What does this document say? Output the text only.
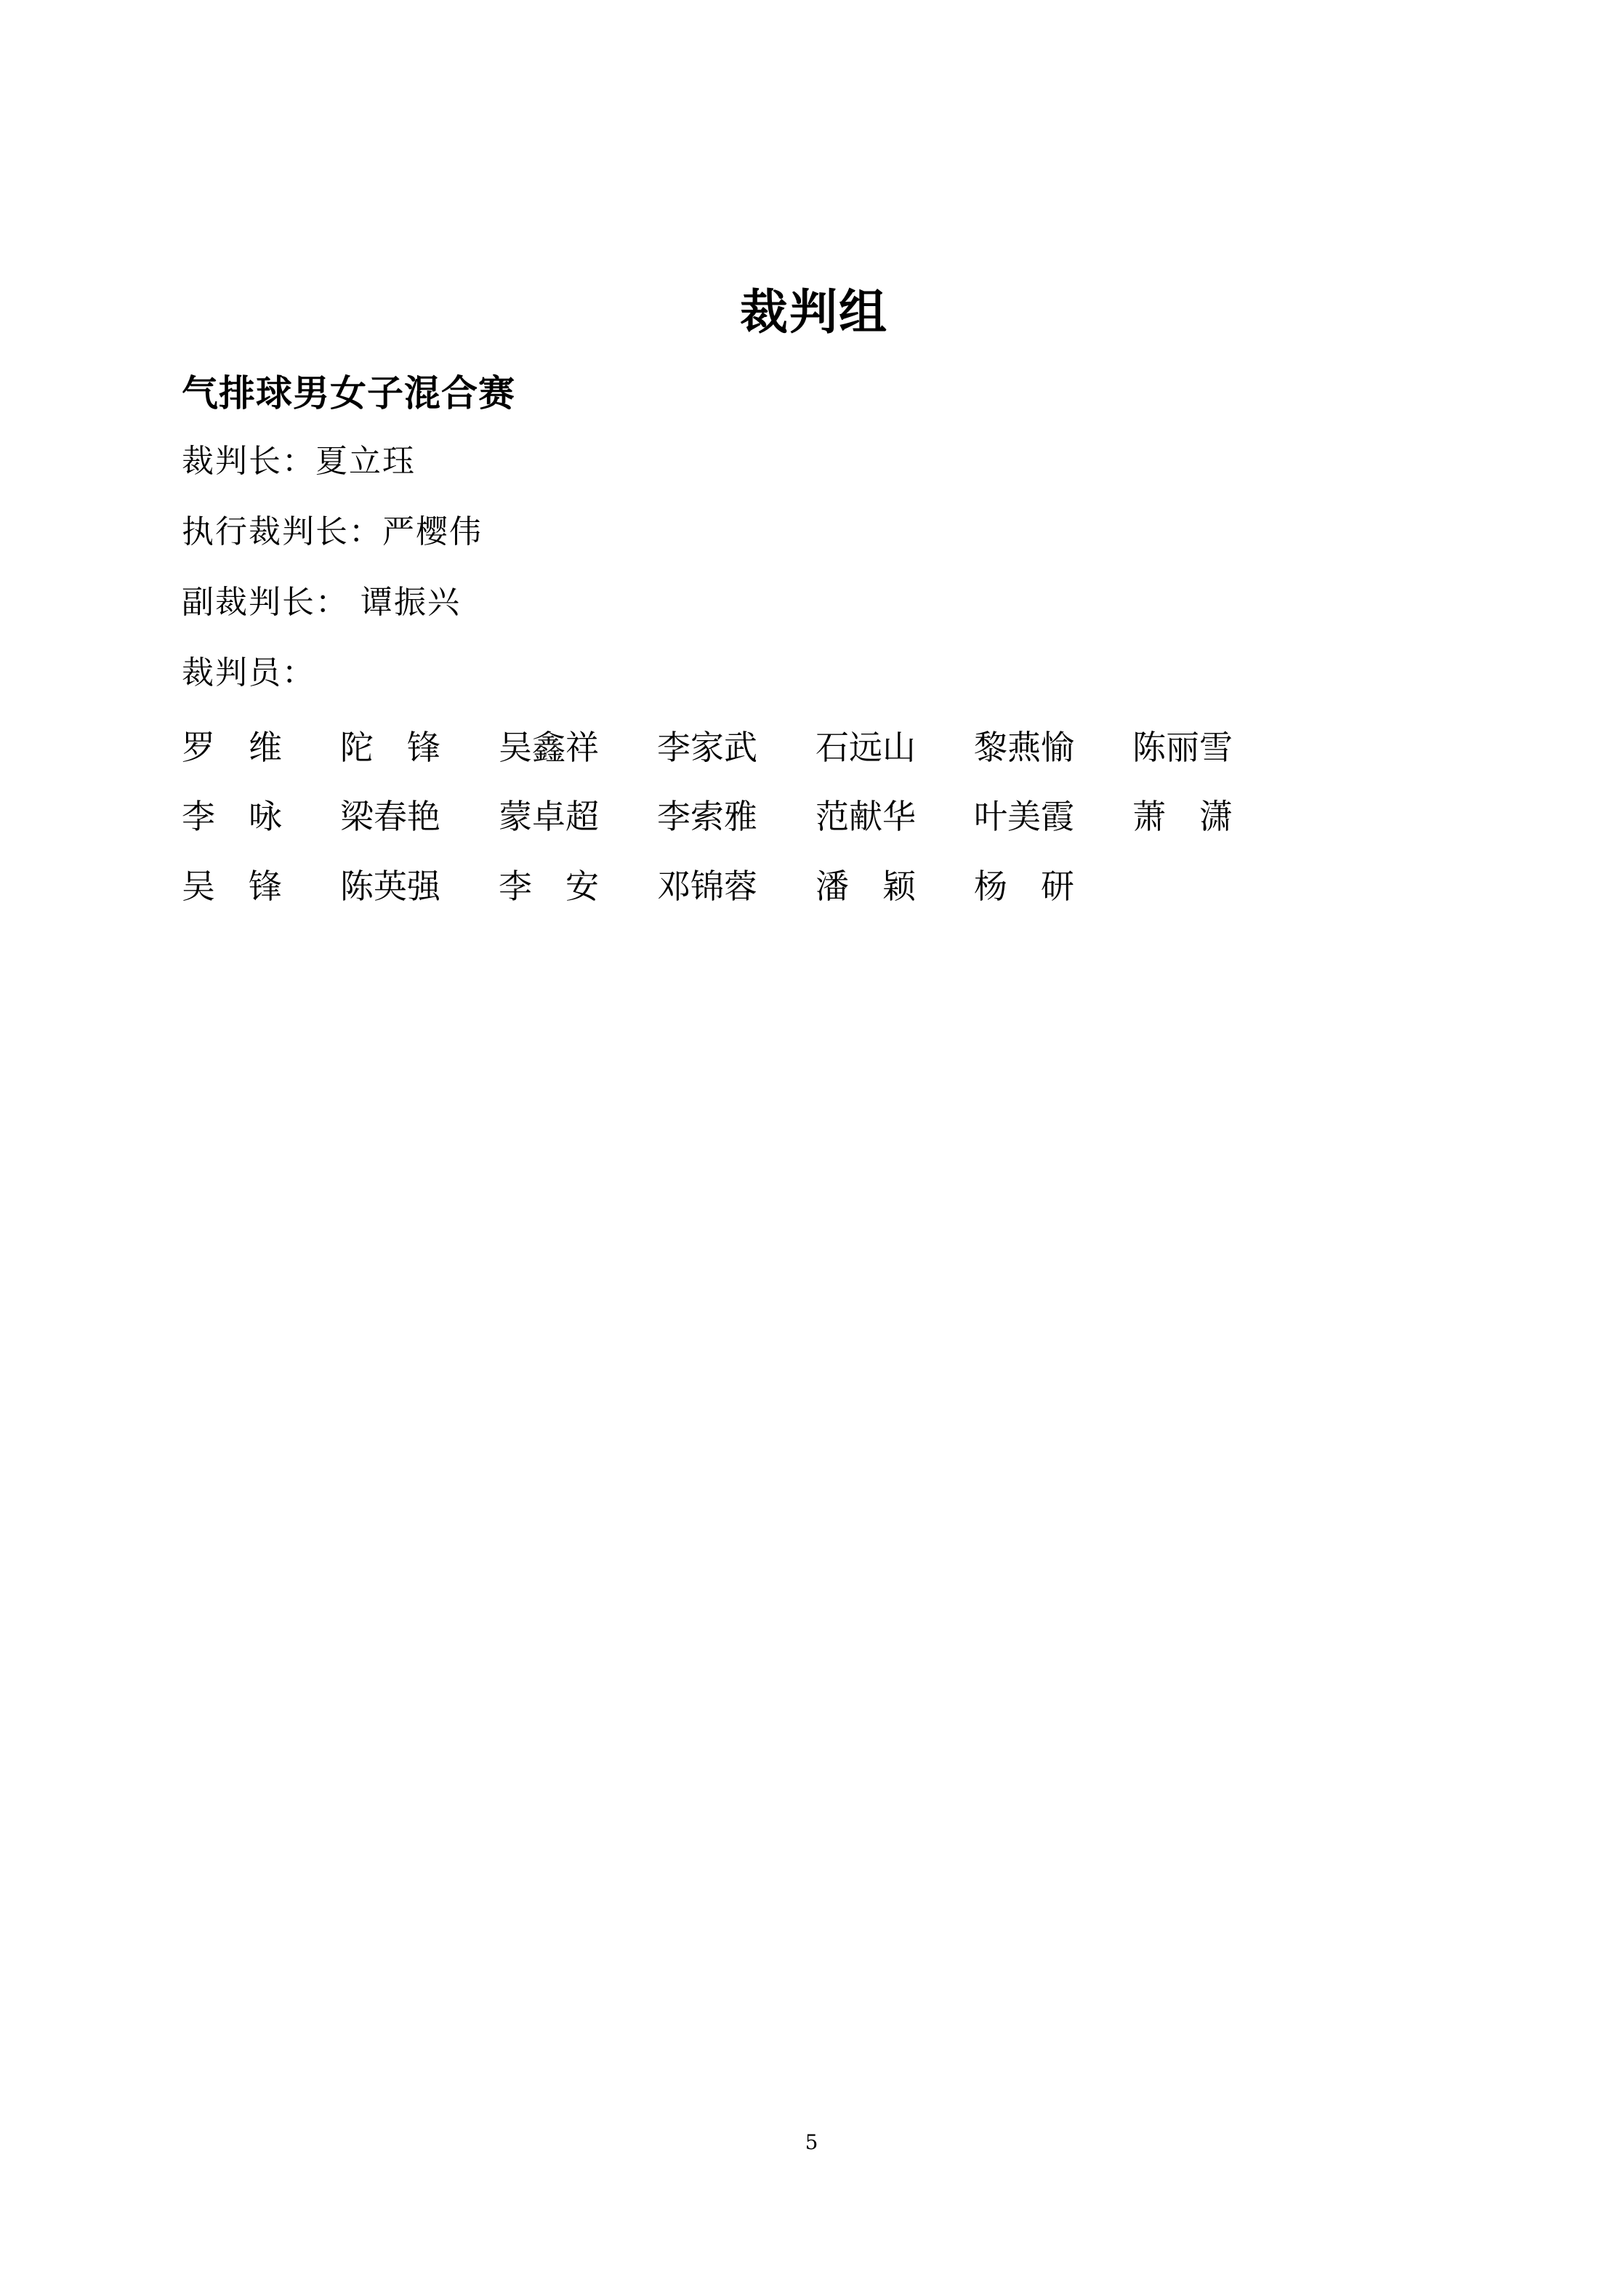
裁判组
气排球男女子混合赛

裁判长：夏立珏

执行裁判长：严樱伟

副裁判长： 谭振兴

裁判员：

罗　维	陀　锋	吴鑫祥	李家武	石远山	黎燕愉	陈丽雪
李　咏	梁春艳	蒙卓超	李索雅	范献华	叶美霞	萧　潇
吴　锋	陈英强	李　安	邓锦蓉	潘　颖	杨　研
5
